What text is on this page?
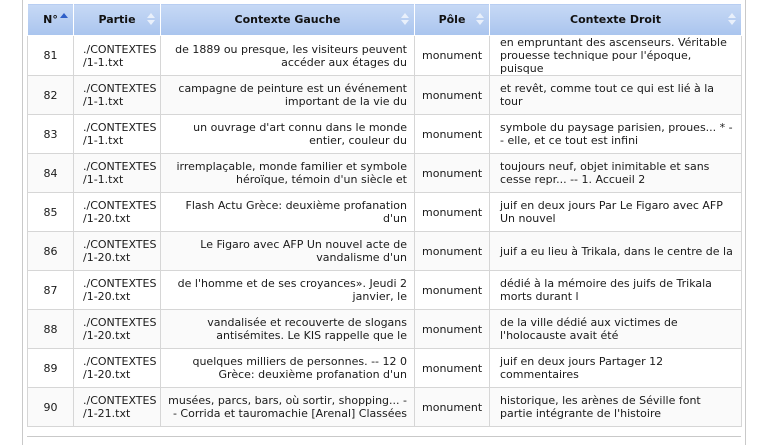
N°	Partie	Contexte Gauche	Pôle	Contexte Droit

81	./CONTEXTES /1-1.txt	de 1889 ou presque, les visiteurs peuvent accéder aux étages du	monument	en empruntant des ascenseurs. Véritable prouesse technique pour l'époque, puisque
82	./CONTEXTES /1-1.txt	campagne de peinture est un événement important de la vie du	monument	et revêt, comme tout ce qui est lié à la tour
83	./CONTEXTES /1-1.txt	un ouvrage d'art connu dans le monde entier, couleur du	monument	symbole du paysage parisien, proues... * -- elle, et ce tout est infini
84	./CONTEXTES /1-1.txt	irremplaçable, monde familier et symbole héroïque, témoin d'un siècle et	monument	toujours neuf, objet inimitable et sans cesse repr... -- 1. Accueil 2
85	./CONTEXTES /1-20.txt	Flash Actu Grèce: deuxième profanation d'un	monument	juif en deux jours Par Le Figaro avec AFP Un nouvel
86	./CONTEXTES /1-20.txt	Le Figaro avec AFP Un nouvel acte de vandalisme d'un	monument	juif a eu lieu à Trikala, dans le centre de la
87	./CONTEXTES /1-20.txt	de l'homme et de ses croyances». Jeudi 2 janvier, le	monument	dédié à la mémoire des juifs de Trikala morts durant l
88	./CONTEXTES /1-20.txt	vandalisée et recouverte de slogans antisémites. Le KIS rappelle que le	monument	de la ville dédié aux victimes de l'holocauste avait été
89	./CONTEXTES /1-20.txt	quelques milliers de personnes. -- 12 0 Grèce: deuxième profanation d'un	monument	juif en deux jours Partager 12 commentaires
90	./CONTEXTES /1-21.txt	musées, parcs, bars, où sortir, shopping... -- Corrida et tauromachie [Arenal] Classées	monument	historique, les arènes de Séville font partie intégrante de l'histoire
